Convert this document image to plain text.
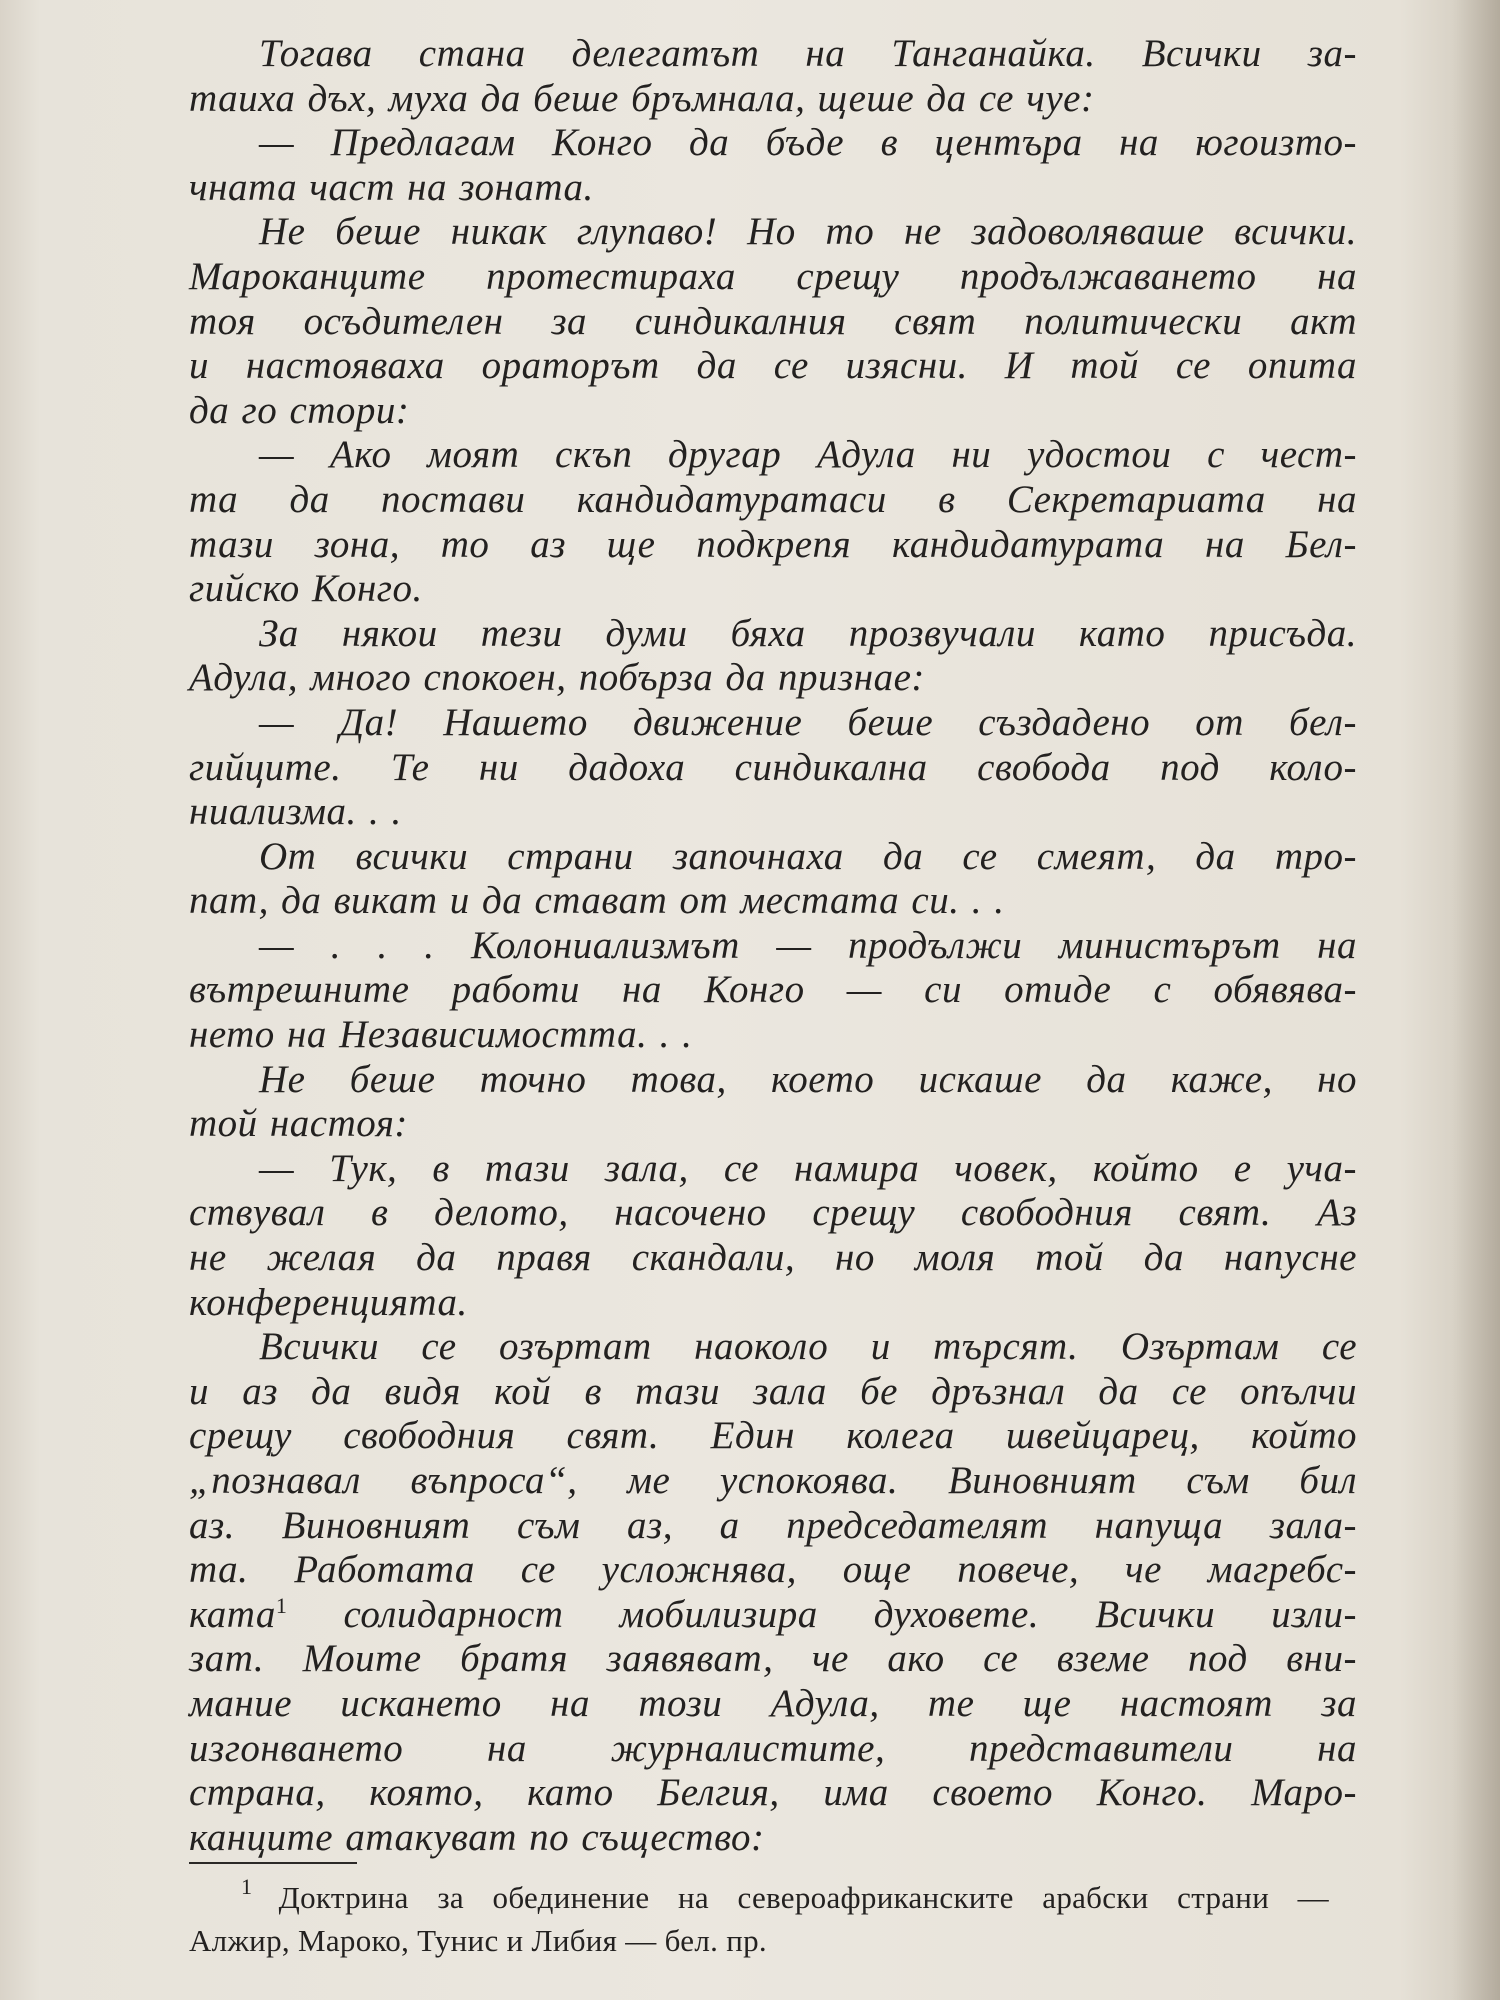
Тогава стана делегатът на Танганайка. Всички за-
таиха дъх, муха да беше бръмнала, щеше да се чуе:
— Предлагам Конго да бъде в центъра на югоизто-
чната част на зоната.
Не беше никак глупаво! Но то не задоволяваше всички.
Мароканците протестираха срещу продължаването на
тоя осъдителен за синдикалния свят политически акт
и настояваха ораторът да се изясни. И той се опита
да го стори:
— Ако моят скъп другар Адула ни удостои с чест-
та да постави кандидатуратаси в Секретариата на
тази зона, то аз ще подкрепя кандидатурата на Бел-
гийско Конго.
За някои тези думи бяха прозвучали като присъда.
Адула, много спокоен, побърза да признае:
— Да! Нашето движение беше създадено от бел-
гийците. Те ни дадоха синдикална свобода под коло-
ниализма. . .
От всички страни започнаха да се смеят, да тро-
пат, да викат и да стават от местата си. . .
— . . . Колониализмът — продължи министърът на
вътрешните работи на Конго — си отиде с обявява-
нето на Независимостта. . .
Не беше точно това, което искаше да каже, но
той настоя:
— Тук, в тази зала, се намира човек, който е уча-
ствувал в делото, насочено срещу свободния свят. Аз
не желая да правя скандали, но моля той да напусне
конференцията.
Всички се озъртат наоколо и търсят. Озъртам се
и аз да видя кой в тази зала бе дръзнал да се опълчи
срещу свободния свят. Един колега швейцарец, който
„познавал въпроса“, ме успокоява. Виновният съм бил
аз. Виновният съм аз, а председателят напуща зала-
та. Работата се усложнява, още повече, че магребс-
ката$^1$ солидарност мобилизира духовете. Всички изли-
зат. Моите братя заявяват, че ако се вземе под вни-
мание искането на този Адула, те ще настоят за
изгонването на журналистите, представители на
страна, която, като Белгия, има своето Конго. Маро-
канците атакуват по същество:
$^1$ Доктрина за обединение на северoафриканските арабски страни —
Алжир, Мароко, Тунис и Либия — бел. пр.
